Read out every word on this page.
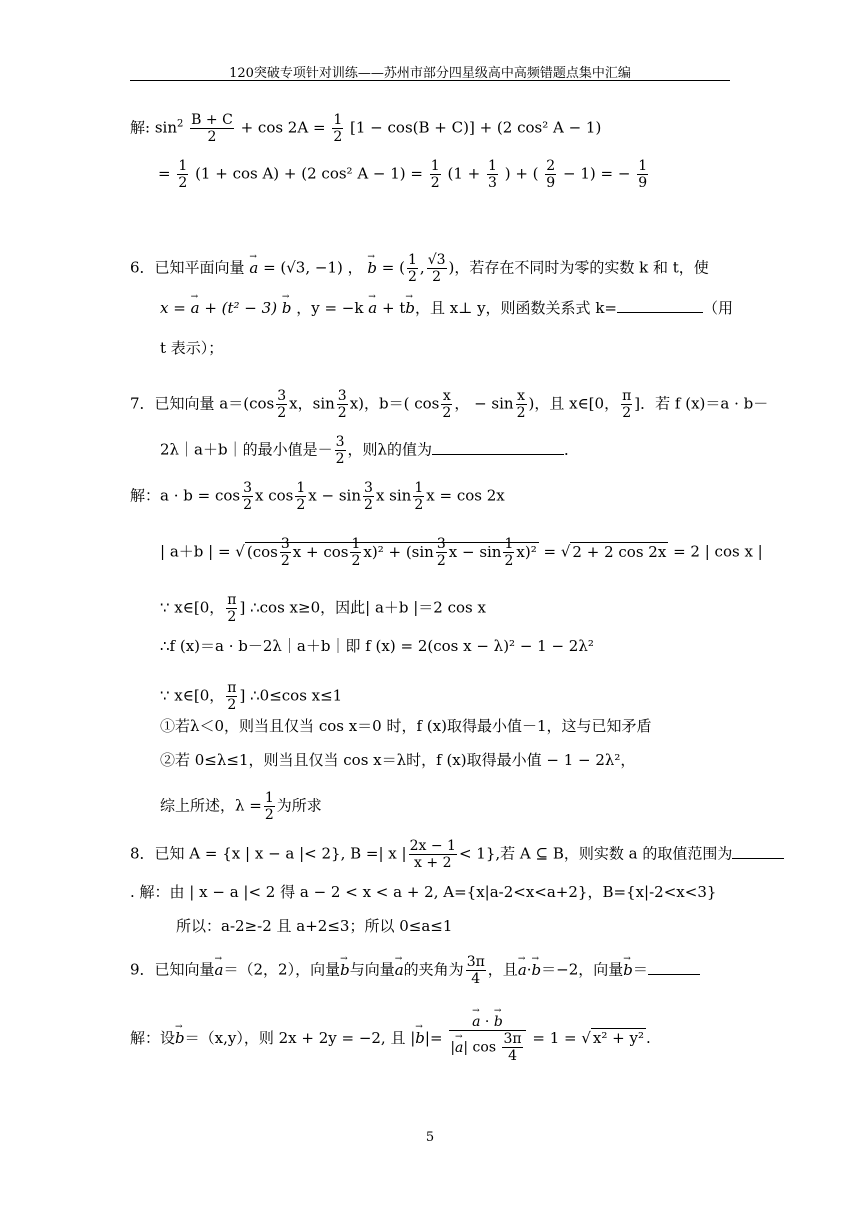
120突破专项针对训练——苏州市部分四星级高中高频错题点集中汇编
解: $\sin^2 \frac{B + C}{2} + \cos 2A = \frac{1}{2} [1 - \cos(B + C)] + (2$ cos² A − 1)
= $\frac{1}{2} (1 + \cos A) + (2$ cos² $A - 1) = \frac{1}{2} (1 + \frac{1}{3}$ ) + ( $\frac{2}{9} - 1$) = − $\frac{1}{9}$
6．已知平面向量 → a = (√3, −1) ， → b = ( $\frac{1}{2}$ , $\frac{√3}{2}$ )，若存在不同时为零的实数 k 和 t，使
x = → a + (t² − 3) → b ，y = −k → a + t→ b，且 x⊥ y，则函数关系式 k=	（用
t 表示）；
7．已知向量 $a=(\cos \frac{3}{2}$ x，$\sin \frac{3}{2} x$)，b＝( $\cos \frac{x}{2}$ ， − $\sin \frac{x}{2}$ )，且 x∈[0， $\frac{\pi}{2}$ ]．若 f (x)＝a · b－
2λ｜a＋b｜的最小值是－ $\frac{3}{2}$ ，则λ的值为	．
解：$a \cdot b = \cos \frac{3}{2}$ x $\cos \frac{1}{2}$ $x - \sin \frac{3}{2}$ x $\sin \frac{1}{2}$ x = cos 2x
| a＋b | = √ ($\cos \frac{3}{2}$ $x + \cos \frac{1}{2} x)^2 + (\sin \frac{3}{2}$ $x - \sin \frac{1}{2} x)^2$ = √ 2 + 2 cos 2x = 2 | cos x |
∵ x∈[0， $\frac{\pi}{2}$ ] ∴cos x≥0，因此| a＋b |＝2 cos x
∴f (x)＝a · b－2λ｜a＋b｜即 f (x) = 2(cos x − λ)² − 1 − 2λ²
∵ x∈[0， $\frac{\pi}{2}$ ] ∴0≤cos x≤1
①若λ＜0，则当且仅当 cos x＝0 时，f (x)取得最小值－1，这与已知矛盾
②若 0≤λ≤1，则当且仅当 cos x＝λ时，f (x)取得最小值 − 1 − 2λ²，
综上所述，$\lambda = \frac{1}{2}$ 为所求
8．已知 A = {x | x − a |< 2}, B =| x | $\frac{2x - 1}{x + 2} < 1$},若 A ⊆ B，则实数 a 的取值范围为
. 解：由 | x − a |< 2 得 a − 2 < x < a + 2, A={x|a-2<x<a+2}，B={x|-2<x<3}
所以：a-2≥-2 且 a+2≤3；所以 0≤a≤1
9．已知向量→ a＝（2，2），向量→ b与向量→ a的夹角为 $\frac{3\pi}{4}$ ，且→ a·→ b＝−2，向量→ b＝
解：设→ b＝（x,y），则 2x + 2y = −2, 且 |→ b|=
→ $\frac{a \cdot \to b}{|\to a| \cos \frac{3\pi}{4}} = 1$ = √ x² + y² .
5
